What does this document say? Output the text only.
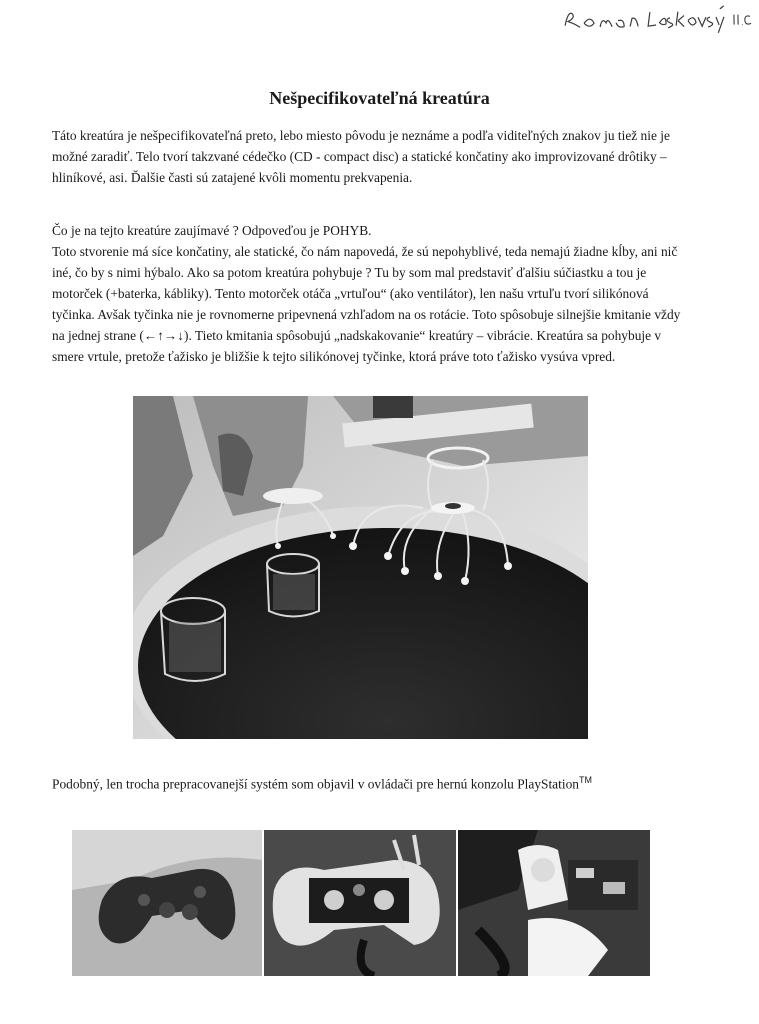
Nešpecifikovateľná kreatúra

Táto kreatúra je nešpecifikovateľná preto, lebo miesto pôvodu je neznáme a podľa viditeľných znakov ju tiež nie je možné zaradiť. Telo tvorí takzvané cédečko (CD - compact disc) a statické končatiny ako improvizované drôtiky – hliníkové, asi. Ďalšie časti sú zatajené kvôli momentu prekvapenia.

Čo je na tejto kreatúre zaujímavé ? Odpoveďou je POHYB.
Toto stvorenie má síce končatiny, ale statické, čo nám napovedá, že sú nepohyblivé, teda nemajú žiadne kĺby, ani nič iné, čo by s nimi hýbalo. Ako sa potom kreatúra pohybuje ? Tu by som mal predstaviť ďalšiu súčiastku a tou je motorček (+baterka, kábliky). Tento motorček otáča „vrtuľou“ (ako ventilátor), len našu vrtuľu tvorí silikónová tyčinka. Avšak tyčinka nie je rovnomerne pripevnená vzhľadom na os rotácie. Toto spôsobuje silnejšie kmitanie vždy na jednej strane (←↑→↓). Tieto kmitania spôsobujú „nadskakovanie“ kreatúry – vibrácie. Kreatúra sa pohybuje v smere vrtule, pretože ťažisko je bližšie k tejto silikónovej tyčinke, ktorá práve toto ťažisko vysúva vpred.

Podobný, len trocha prepracovanejší systém som objavil v ovládači pre hernú konzolu PlayStation™
